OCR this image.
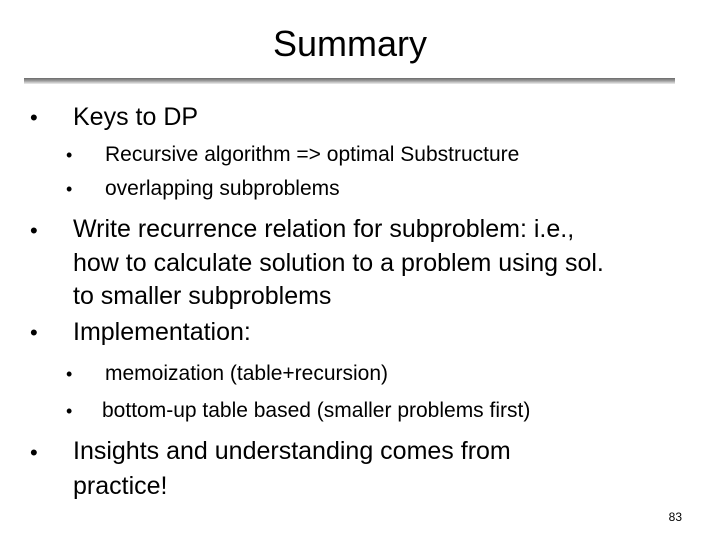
Summary
• Keys to DP
• Recursive algorithm => optimal Substructure
• overlapping subproblems
• Write recurrence relation for subproblem: i.e.,
how to calculate solution to a problem using sol.
to smaller subproblems
• Implementation:
• memoization (table+recursion)
• bottom-up table based (smaller problems first)
• Insights and understanding comes from
practice!
83
